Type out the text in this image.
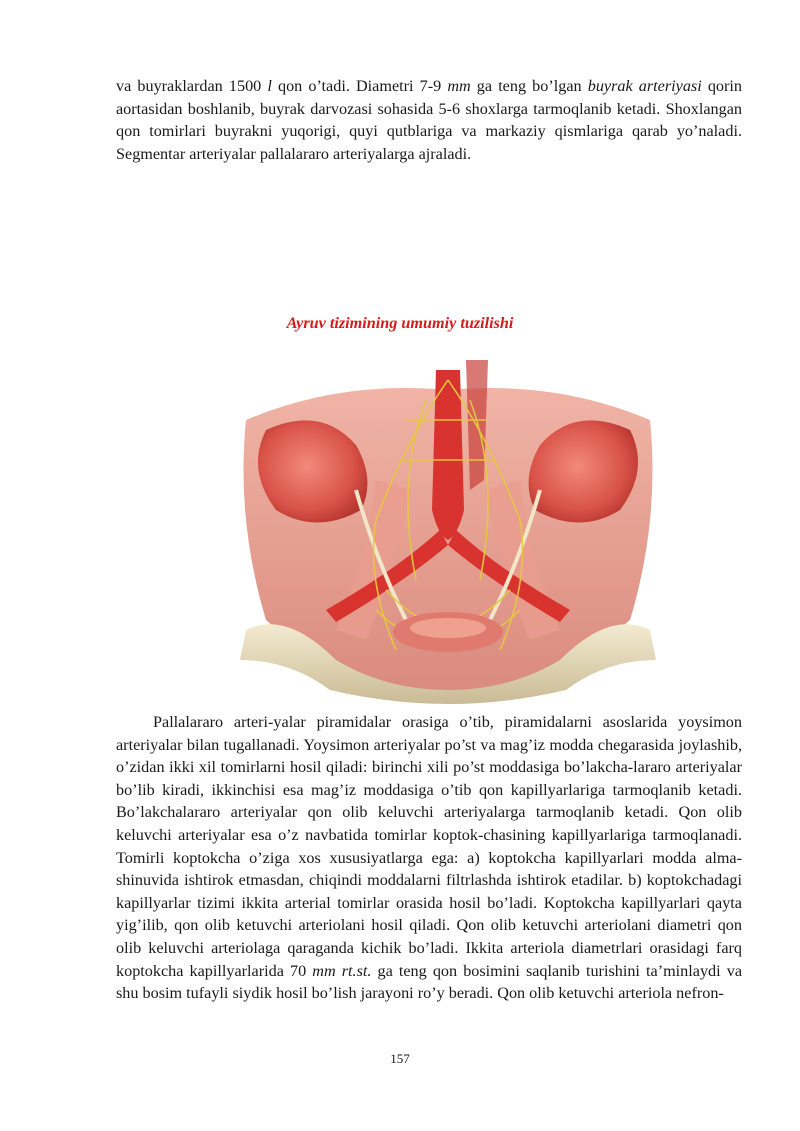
va buyraklardan 1500 l qon o’tadi. Diametri 7-9 mm ga teng bo’lgan buyrak arteriyasi qorin aortasidan boshlanib, buyrak darvozasi sohasida 5-6 shoxlarga tarmoqlanib ketadi. Shoxlangan qon tomirlari buyrakni yuqorigi, quyi qutblariga va markaziy qismlariga qarab yo’naladi. Segmentar arteriyalar pallalararo arteriyalarga ajraladi.

Ayruv tizimining umumiy tuzilishi

Pallalararo arteri-yalar piramidalar orasiga o’tib, piramidalarni asoslarida yoysimon arteriyalar bilan tugallanadi. Yoysimon arteriyalar po’st va mag’iz modda chegarasida joylashib, o’zidan ikki xil tomirlarni hosil qiladi: birinchi xili po’st moddasiga bo’lakcha-lararo arteriyalar bo’lib kiradi, ikkinchisi esa mag’iz moddasiga o’tib qon kapillyarlariga tarmoqlanib ketadi. Bo’lakchalararo arteriyalar qon olib keluvchi arteriyalarga tarmoqlanib ketadi. Qon olib keluvchi arteriyalar esa o’z navbatida tomirlar koptok-chasining kapillyarlariga tarmoqlanadi. Tomirli koptokcha o’ziga xos xususiyatlarga ega: a) koptokcha kapillyarlari modda alma-shinuvida ishtirok etmasdan, chiqindi moddalarni filtrlashda ishtirok etadilar. b) koptokchadagi kapillyarlar tizimi ikkita arterial tomirlar orasida hosil bo’ladi. Koptokcha kapillyarlari qayta yig’ilib, qon olib ketuvchi arteriolani hosil qiladi. Qon olib ketuvchi arteriolani diametri qon olib keluvchi arteriolaga qaraganda kichik bo’ladi. Ikkita arteriola diametrlari orasidagi farq koptokcha kapillyarlarida 70 mm rt.st. ga teng qon bosimini saqlanib turishini ta’minlaydi va shu bosim tufayli siydik hosil bo’lish jarayoni ro’y beradi. Qon olib ketuvchi arteriola nefron-

157
